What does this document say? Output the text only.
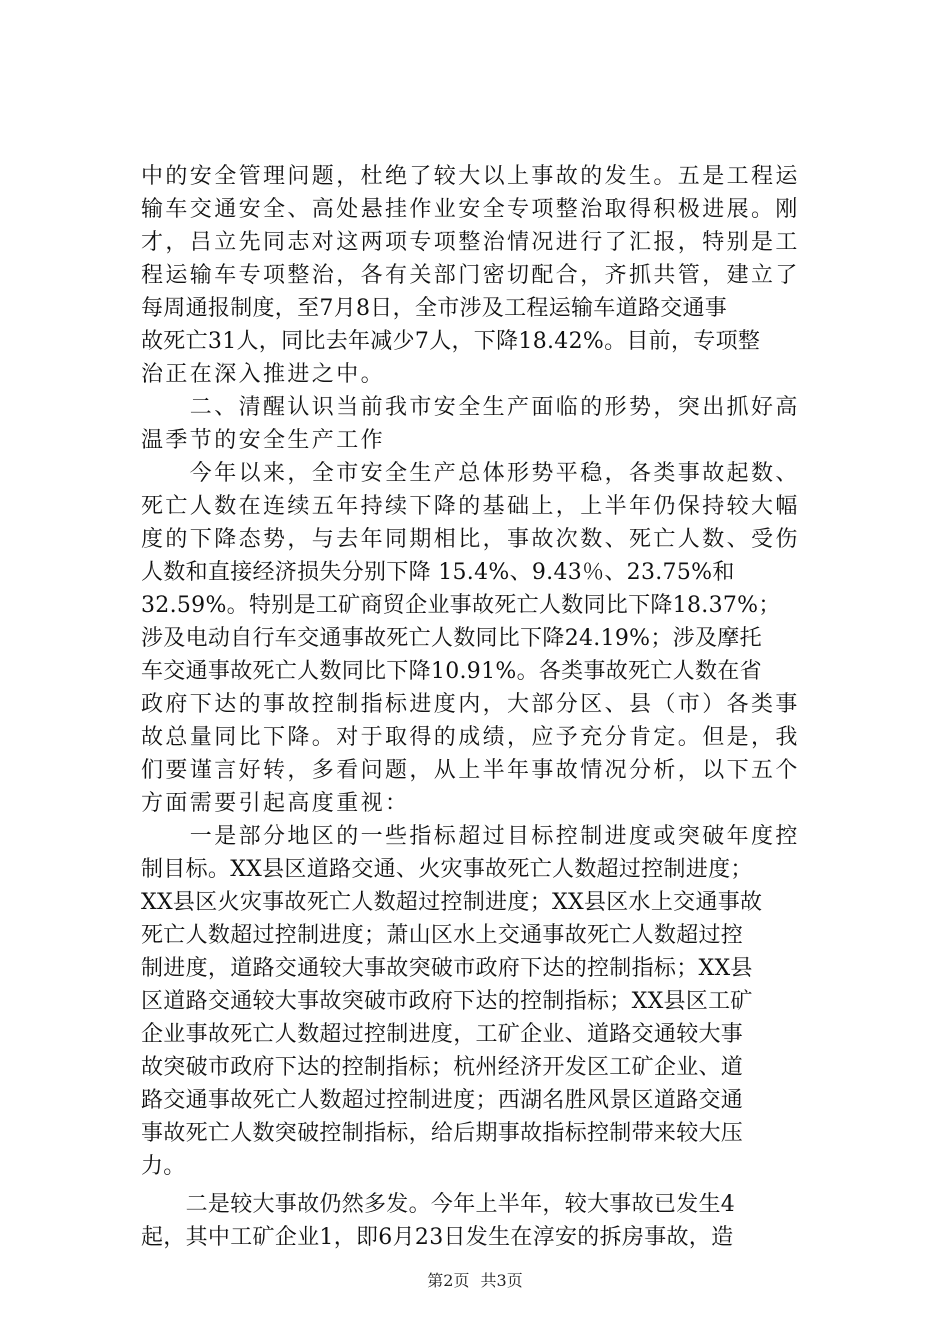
中的安全管理问题，杜绝了较大以上事故的发生。五是工程运
输车交通安全、高处悬挂作业安全专项整治取得积极进展。刚
才，吕立先同志对这两项专项整治情况进行了汇报，特别是工
程运输车专项整治，各有关部门密切配合，齐抓共管，建立了
每周通报制度，至7月8日，全市涉及工程运输车道路交通事
故死亡31人，同比去年减少7人，下降18.42%。目前，专项整
治正在深入推进之中。
　　二、清醒认识当前我市安全生产面临的形势，突出抓好高
温季节的安全生产工作
　　今年以来，全市安全生产总体形势平稳，各类事故起数、
死亡人数在连续五年持续下降的基础上，上半年仍保持较大幅
度的下降态势，与去年同期相比，事故次数、死亡人数、受伤
人数和直接经济损失分别下降 15.4%、9.43％、23.75%和
32.59%。特别是工矿商贸企业事故死亡人数同比下降18.37%；
涉及电动自行车交通事故死亡人数同比下降24.19%；涉及摩托
车交通事故死亡人数同比下降10.91%。各类事故死亡人数在省
政府下达的事故控制指标进度内，大部分区、县（市）各类事
故总量同比下降。对于取得的成绩，应予充分肯定。但是，我
们要谨言好转，多看问题，从上半年事故情况分析，以下五个
方面需要引起高度重视：
　　一是部分地区的一些指标超过目标控制进度或突破年度控
制目标。XX县区道路交通、火灾事故死亡人数超过控制进度；
XX县区火灾事故死亡人数超过控制进度；XX县区水上交通事故
死亡人数超过控制进度；萧山区水上交通事故死亡人数超过控
制进度，道路交通较大事故突破市政府下达的控制指标；XX县
区道路交通较大事故突破市政府下达的控制指标；XX县区工矿
企业事故死亡人数超过控制进度，工矿企业、道路交通较大事
故突破市政府下达的控制指标；杭州经济开发区工矿企业、道
路交通事故死亡人数超过控制进度；西湖名胜风景区道路交通
事故死亡人数突破控制指标，给后期事故指标控制带来较大压
力。
　　二是较大事故仍然多发。今年上半年，较大事故已发生4
起，其中工矿企业1，即6月23日发生在淳安的拆房事故，造
第2页 共3页
